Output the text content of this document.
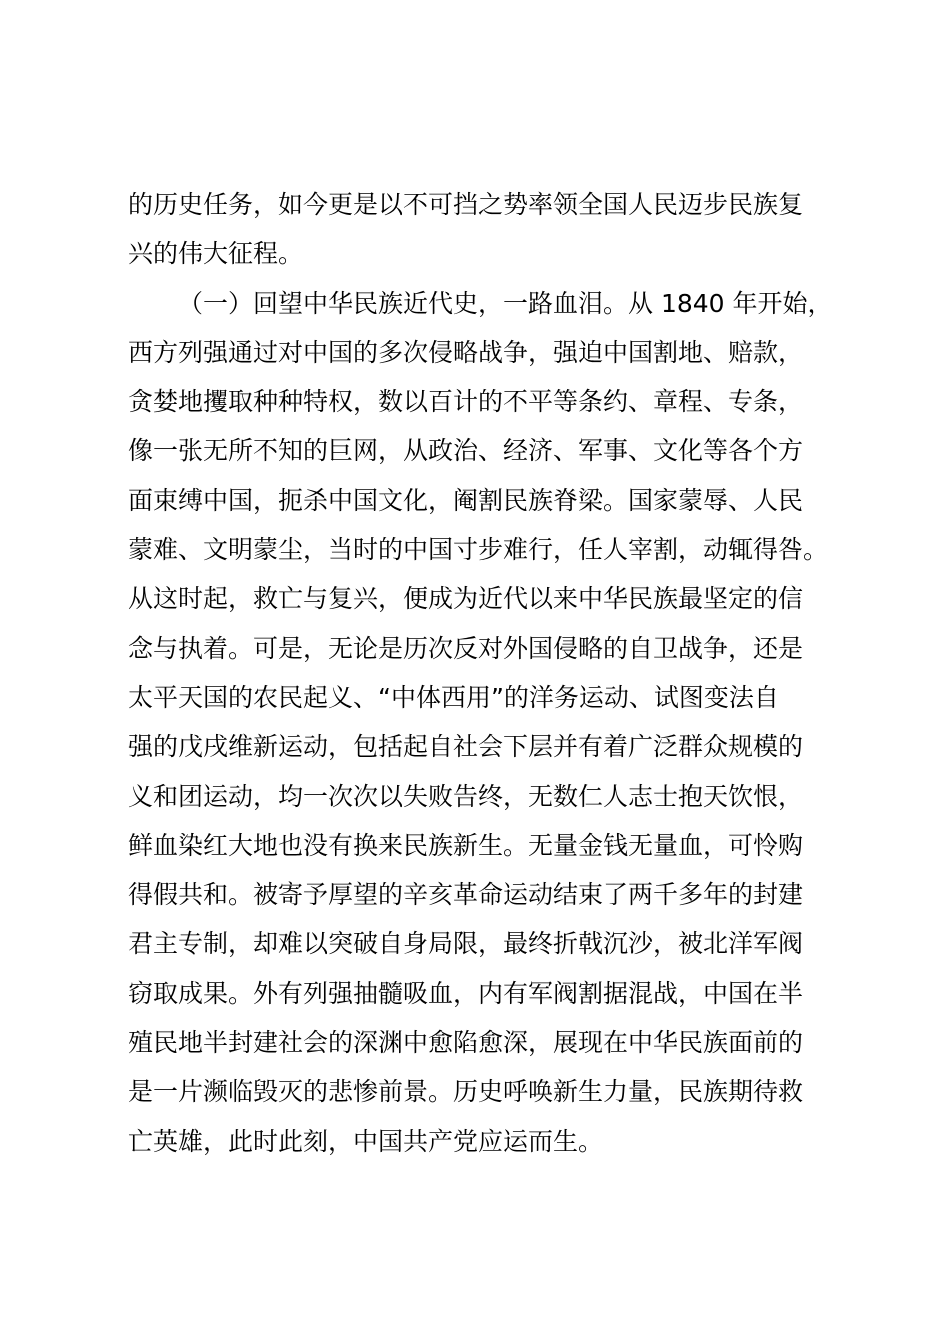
的历史任务，如今更是以不可挡之势率领全国人民迈步民族复
兴的伟大征程。
（一）回望中华民族近代史，一路血泪。从 1840 年开始，
西方列强通过对中国的多次侵略战争，强迫中国割地、赔款，
贪婪地攫取种种特权，数以百计的不平等条约、章程、专条，
像一张无所不知的巨网，从政治、经济、军事、文化等各个方
面束缚中国，扼杀中国文化，阉割民族脊梁。国家蒙辱、人民
蒙难、文明蒙尘，当时的中国寸步难行，任人宰割，动辄得咎。
从这时起，救亡与复兴，便成为近代以来中华民族最坚定的信
念与执着。可是，无论是历次反对外国侵略的自卫战争，还是
太平天国的农民起义、“中体西用”的洋务运动、试图变法自
强的戊戌维新运动，包括起自社会下层并有着广泛群众规模的
义和团运动，均一次次以失败告终，无数仁人志士抱天饮恨，
鲜血染红大地也没有换来民族新生。无量金钱无量血，可怜购
得假共和。被寄予厚望的辛亥革命运动结束了两千多年的封建
君主专制，却难以突破自身局限，最终折戟沉沙，被北洋军阀
窃取成果。外有列强抽髓吸血，内有军阀割据混战，中国在半
殖民地半封建社会的深渊中愈陷愈深，展现在中华民族面前的
是一片濒临毁灭的悲惨前景。历史呼唤新生力量，民族期待救
亡英雄，此时此刻，中国共产党应运而生。
